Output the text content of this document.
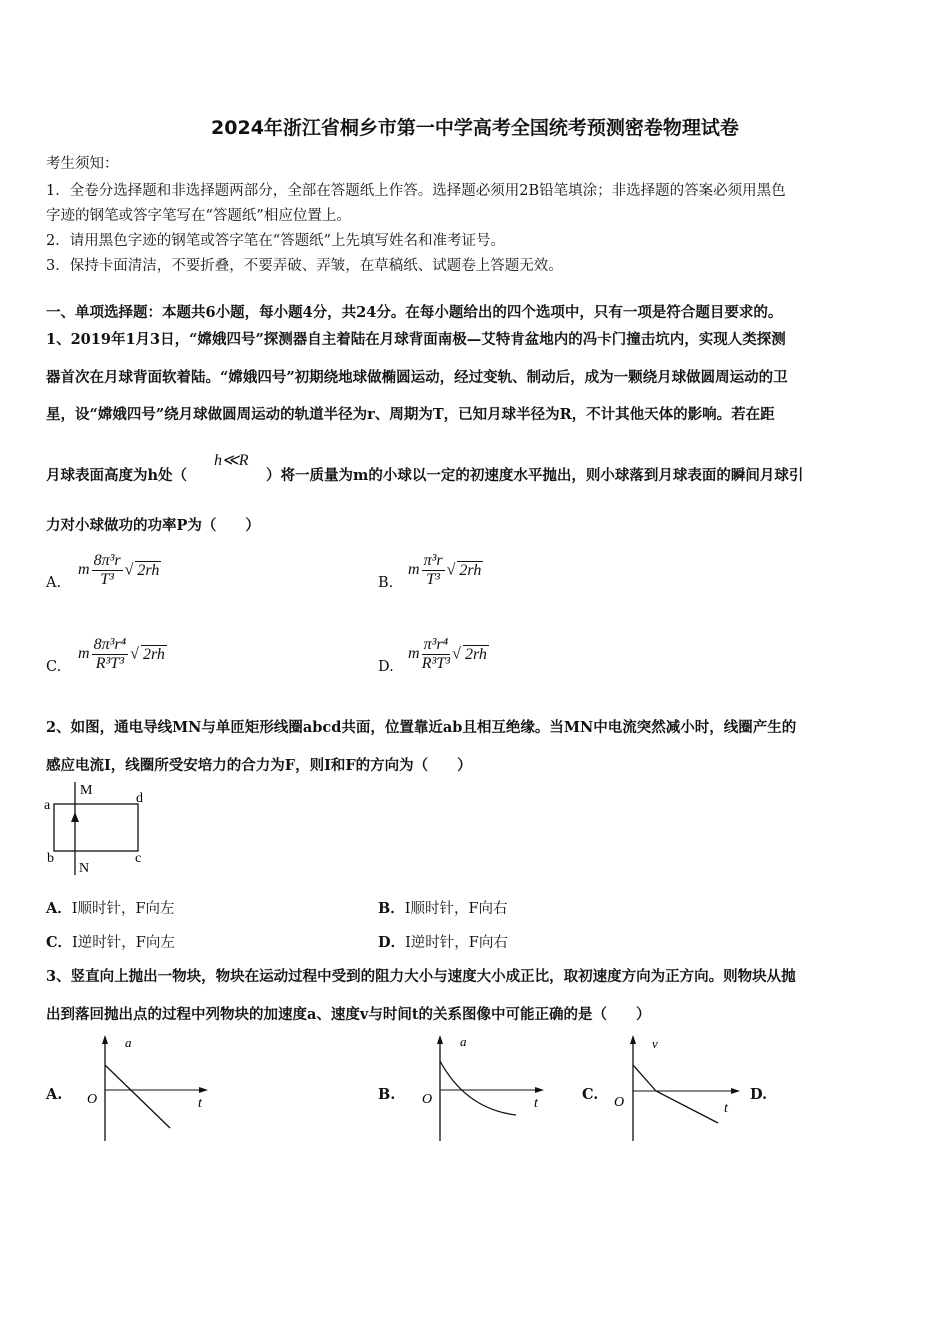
2024年浙江省桐乡市第一中学高考全国统考预测密卷物理试卷
考生须知：
1．全卷分选择题和非选择题两部分，全部在答题纸上作答。选择题必须用2B铅笔填涂；非选择题的答案必须用黑色
字迹的钢笔或答字笔写在“答题纸”相应位置上。
2．请用黑色字迹的钢笔或答字笔在“答题纸”上先填写姓名和准考证号。
3．保持卡面清洁，不要折叠，不要弄破、弄皱，在草稿纸、试题卷上答题无效。
一、单项选择题：本题共6小题，每小题4分，共24分。在每小题给出的四个选项中，只有一项是符合题目要求的。
1、2019年1月3日，“嫦娥四号”探测器自主着陆在月球背面南极—艾特肯盆地内的冯卡门撞击坑内，实现人类探测
器首次在月球背面软着陆。“嫦娥四号”初期绕地球做椭圆运动，经过变轨、制动后，成为一颗绕月球做圆周运动的卫
星，设“嫦娥四号”绕月球做圆周运动的轨道半径为r、周期为T，已知月球半径为R，不计其他天体的影响。若在距
月球表面高度为h处（
h≪R
）将一质量为m的小球以一定的初速度水平抛出，则小球落到月球表面的瞬间月球引
力对小球做功的功率P为（　　）
A.
m $\frac{\text{8π³r}}{\text{T³}}$ √ 2rh
B.
m $\frac{\text{π³r}}{\text{T³}}$ √ 2rh
C.
m $\frac{\text{8π³r⁴}}{\text{R³T³}}$ √ 2rh
D.
m $\frac{\text{π³r⁴}}{\text{R³T³}}$ √ 2rh
2、如图，通电导线MN与单匝矩形线圈abcd共面，位置靠近ab且相互绝缘。当MN中电流突然减小时，线圈产生的
感应电流I，线圈所受安培力的合力为F，则I和F的方向为（　　）
M
N
a
b	c
d
A．I顺时针，F向左	B．I顺时针，F向右
C．I逆时针，F向左	D．I逆时针，F向右
3、竖直向上抛出一物块，物块在运动过程中受到的阻力大小与速度大小成正比，取初速度方向为正方向。则物块从抛
出到落回抛出点的过程中列物块的加速度a、速度v与时间t的关系图像中可能正确的是（　　）
A.
a
t
O	B.
a
t
O	C.
v
t
O	D.
